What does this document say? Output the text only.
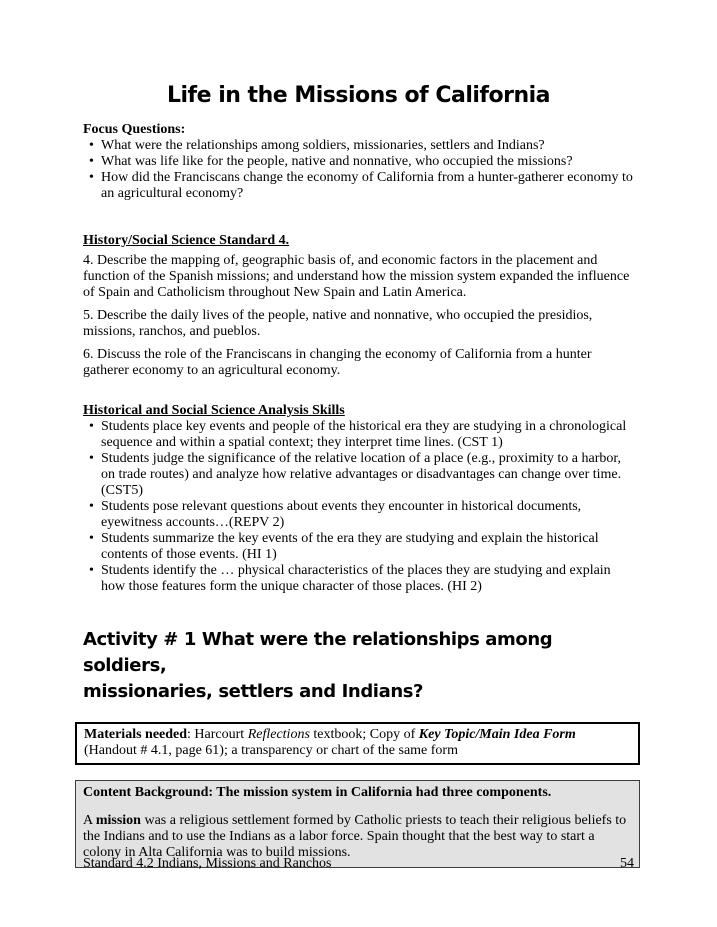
Life in the Missions of California
Focus Questions:
• What were the relationships among soldiers, missionaries, settlers and Indians?
• What was life like for the people, native and nonnative, who occupied the missions?
• How did the Franciscans change the economy of California from a hunter-gatherer economy to an agricultural economy?
History/Social Science Standard 4.

4. Describe the mapping of, geographic basis of, and economic factors in the placement and function of the Spanish missions; and understand how the mission system expanded the influence of Spain and Catholicism throughout New Spain and Latin America.

5. Describe the daily lives of the people, native and nonnative, who occupied the presidios, missions, ranchos, and pueblos.

6. Discuss the role of the Franciscans in changing the economy of California from a hunter gatherer economy to an agricultural economy.

Historical and Social Science Analysis Skills
• Students place key events and people of the historical era they are studying in a chronological sequence and within a spatial context; they interpret time lines. (CST 1)
• Students judge the significance of the relative location of a place (e.g., proximity to a harbor, on trade routes) and analyze how relative advantages or disadvantages can change over time. (CST5)
• Students pose relevant questions about events they encounter in historical documents, eyewitness accounts…(REPV 2)
• Students summarize the key events of the era they are studying and explain the historical contents of those events. (HI 1)
• Students identify the … physical characteristics of the places they are studying and explain how those features form the unique character of those places. (HI 2)
Activity # 1 What were the relationships among soldiers,
missionaries, settlers and Indians?
Materials needed: Harcourt Reflections textbook; Copy of Key Topic/Main Idea Form
(Handout # 4.1, page 61); a transparency or chart of the same form
Content Background: The mission system in California had three components.

A mission was a religious settlement formed by Catholic priests to teach their religious beliefs to the Indians and to use the Indians as a labor force. Spain thought that the best way to start a colony in Alta California was to build missions.

Standard 4.2 Indians, Missions and Ranchos	54
